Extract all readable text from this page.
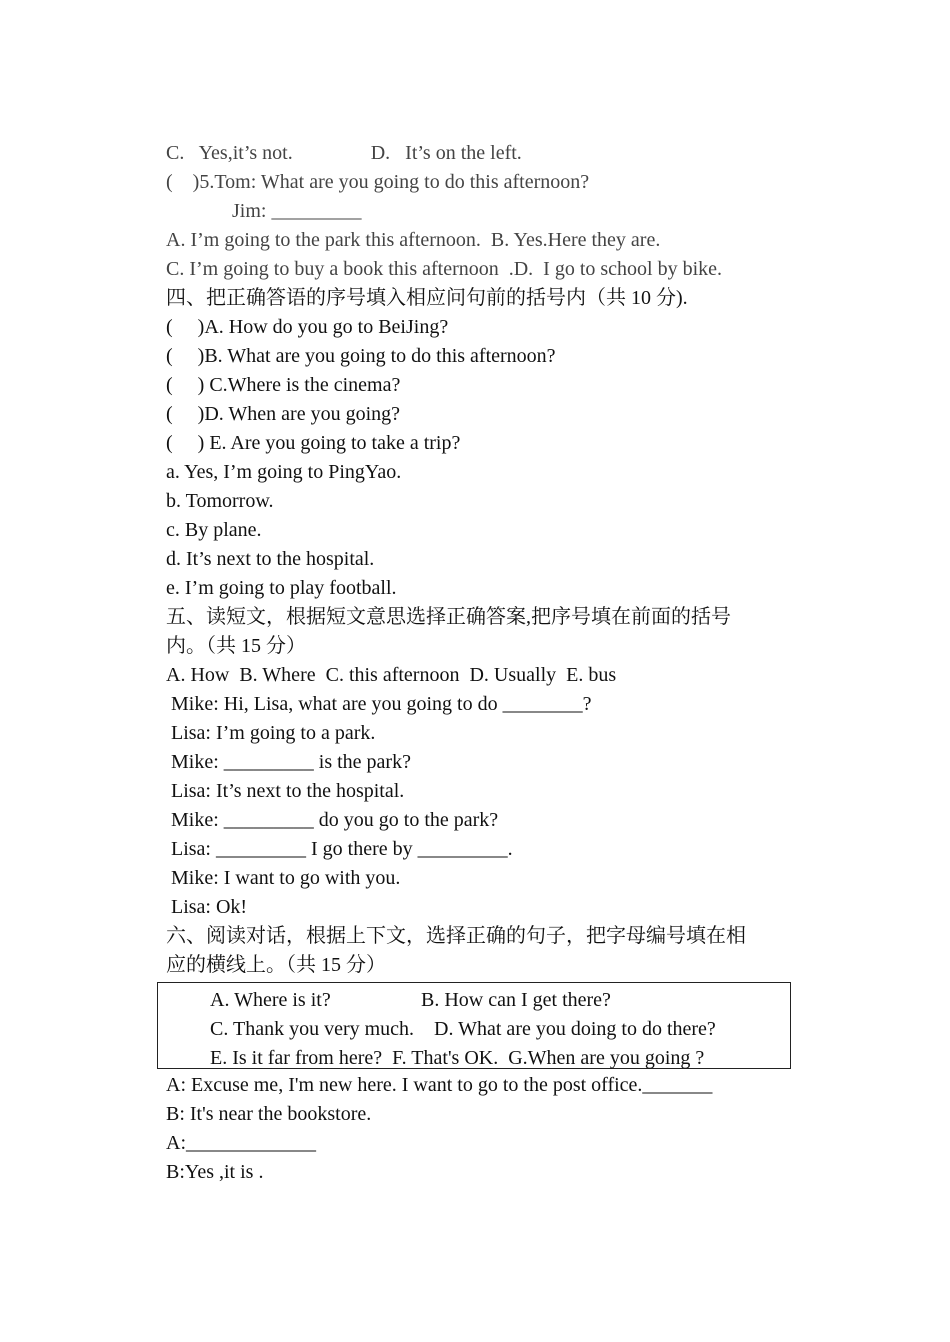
C.   Yes,it’s not.	D.   It’s on the left.
(    )5.Tom: What are you going to do this afternoon?
Jim: _________
A. I’m going to the park this afternoon.  B. Yes.Here they are.
C. I’m going to buy a book this afternoon  .D.  I go to school by bike.
四、把正确答语的序号填入相应问句前的括号内（共 10 分).
(     )A. How do you go to BeiJing?
(     )B. What are you going to do this afternoon?
(     ) C.Where is the cinema?
(     )D. When are you going?
(     ) E. Are you going to take a trip?
a. Yes, I’m going to PingYao.
b. Tomorrow.
c. By plane.
d. It’s next to the hospital.
e. I’m going to play football.
五、读短文，根据短文意思选择正确答案,把序号填在前面的括号
内。（共 15 分）
A. How  B. Where  C. this afternoon  D. Usually  E. bus
Mike: Hi, Lisa, what are you going to do ________?
Lisa: I’m going to a park.
Mike: _________ is the park?
Lisa: It’s next to the hospital.
Mike: _________ do you go to the park?
Lisa: _________ I go there by _________.
Mike: I want to go with you.
Lisa: Ok!
六、阅读对话，根据上下文，选择正确的句子，把字母编号填在相
应的横线上。（共 15 分）
A. Where is it?	B. How can I get there?
C. Thank you very much.    D. What are you doing to do there?
E. Is it far from here?  F. That's OK.  G.When are you going ?
A: Excuse me, I'm new here. I want to go to the post office._______
B: It's near the bookstore.
A:_____________
B:Yes ,it is .
